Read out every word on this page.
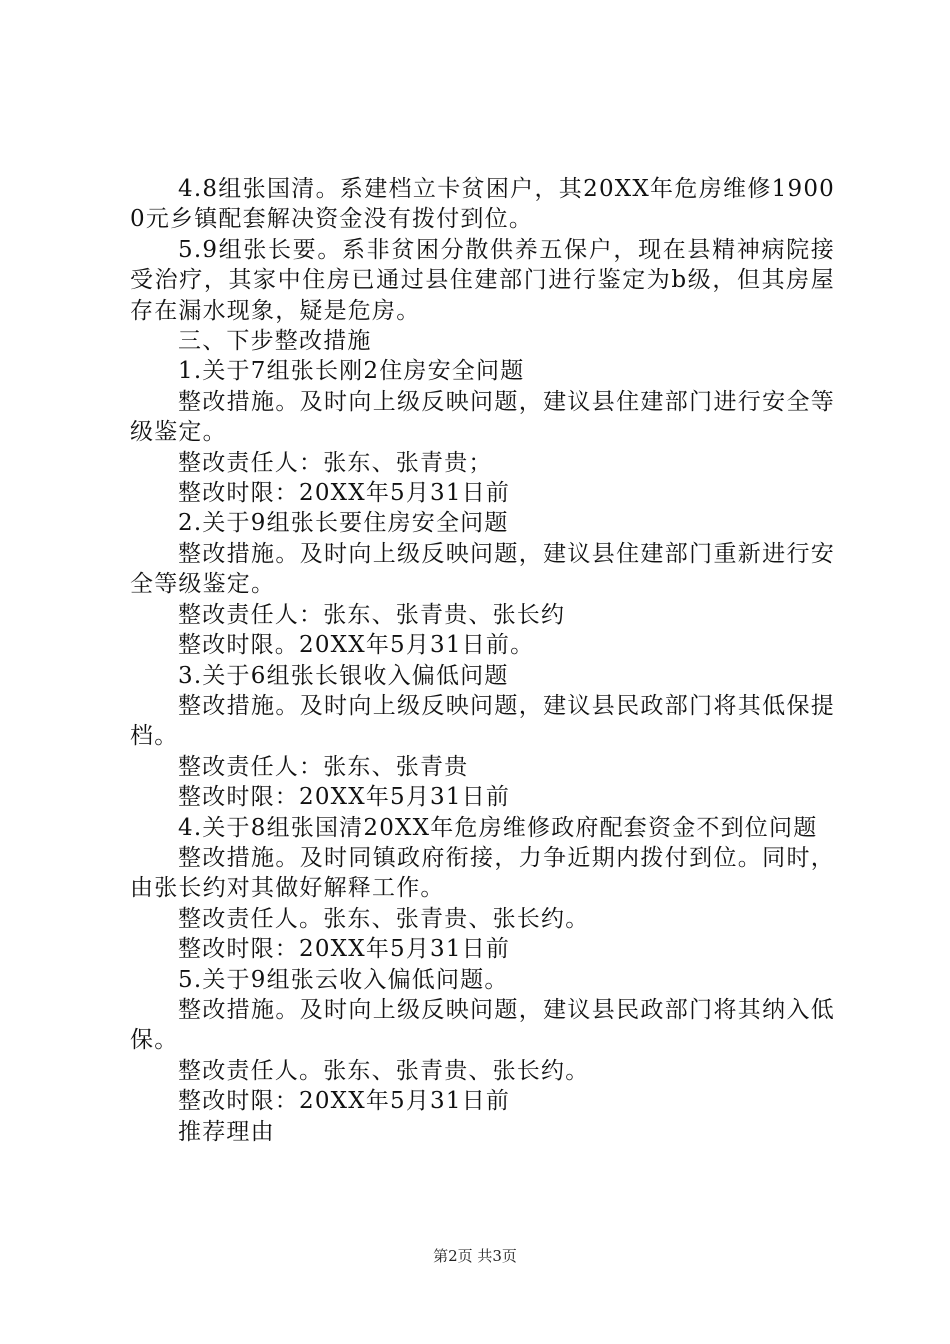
4.8组张国清。系建档立卡贫困户，其20XX年危房维修19000元乡镇配套解决资金没有拨付到位。

5.9组张长要。系非贫困分散供养五保户，现在县精神病院接受治疗，其家中住房已通过县住建部门进行鉴定为b级，但其房屋存在漏水现象，疑是危房。

三、下步整改措施

1.关于7组张长刚2住房安全问题

整改措施。及时向上级反映问题，建议县住建部门进行安全等级鉴定。

整改责任人：张东、张青贵；

整改时限：20XX年5月31日前

2.关于9组张长要住房安全问题

整改措施。及时向上级反映问题，建议县住建部门重新进行安全等级鉴定。

整改责任人：张东、张青贵、张长约

整改时限。20XX年5月31日前。

3.关于6组张长银收入偏低问题

整改措施。及时向上级反映问题，建议县民政部门将其低保提档。

整改责任人：张东、张青贵

整改时限：20XX年5月31日前

4.关于8组张国清20XX年危房维修政府配套资金不到位问题

整改措施。及时同镇政府衔接，力争近期内拨付到位。同时，由张长约对其做好解释工作。

整改责任人。张东、张青贵、张长约。

整改时限：20XX年5月31日前

5.关于9组张云收入偏低问题。

整改措施。及时向上级反映问题，建议县民政部门将其纳入低保。

整改责任人。张东、张青贵、张长约。

整改时限：20XX年5月31日前

推荐理由

第2页 共3页
